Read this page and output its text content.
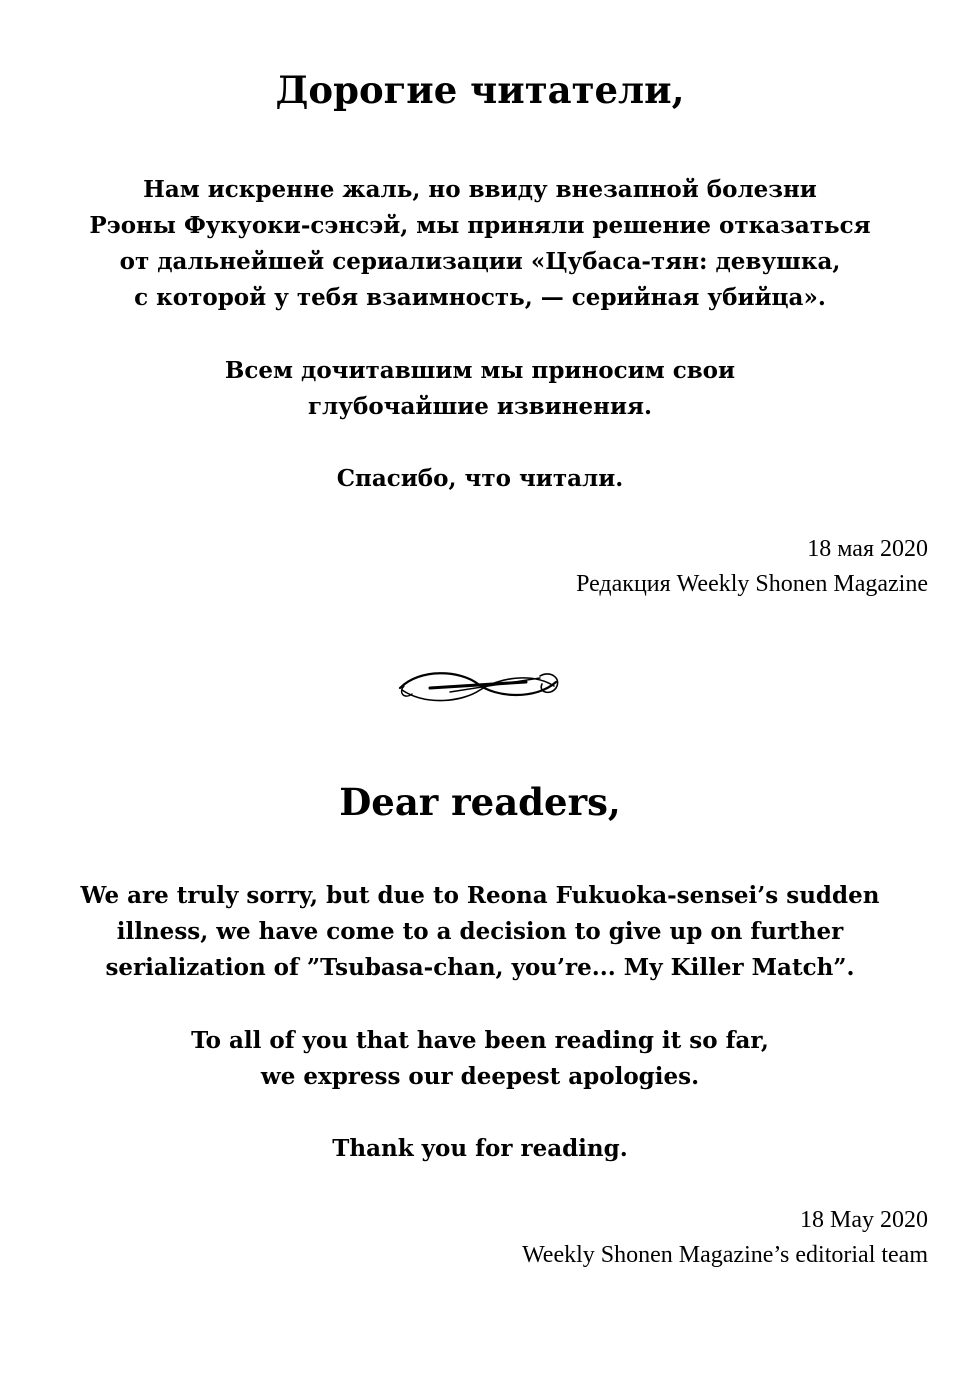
Дорогие читатели,

Нам искренне жаль, но ввиду внезапной болезни
Рэоны Фукуоки-сэнсэй, мы приняли решение отказаться
от дальнейшей сериализации «Цубаса-тян: девушка,
с которой у тебя взаимность, — серийная убийца».

Всем дочитавшим мы приносим свои
глубочайшие извинения.

Спасибо, что читали.

18 мая 2020
Редакция Weekly Shonen Magazine
Dear readers,

We are truly sorry, but due to Reona Fukuoka-sensei’s sudden
illness, we have come to a decision to give up on further
serialization of ”Tsubasa-chan, you’re... My Killer Match”.

To all of you that have been reading it so far,
we express our deepest apologies.

Thank you for reading.

18 May 2020
Weekly Shonen Magazine’s editorial team
